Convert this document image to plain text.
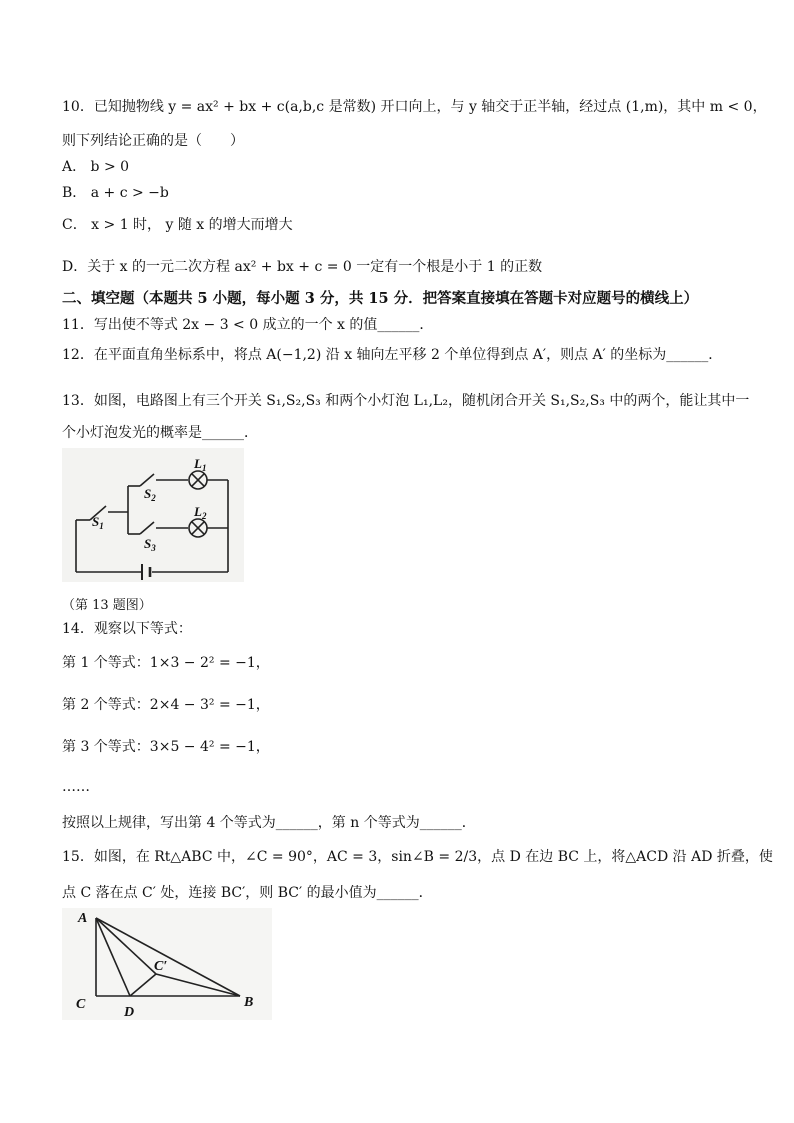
10．已知抛物线 y = ax² + bx + c(a,b,c 是常数) 开口向上，与 y 轴交于正半轴，经过点 (1,m)，其中 m < 0，
则下列结论正确的是（　　）
A． b > 0
B． a + c > −b
C． x > 1 时， y 随 x 的增大而增大
D．关于 x 的一元二次方程 ax² + bx + c = 0 一定有一个根是小于 1 的正数
二、填空题（本题共 5 小题，每小题 3 分，共 15 分．把答案直接填在答题卡对应题号的横线上）
11．写出使不等式 2x − 3 < 0 成立的一个 x 的值______．
12．在平面直角坐标系中，将点 A(−1,2) 沿 x 轴向左平移 2 个单位得到点 A′，则点 A′ 的坐标为______．
13．如图，电路图上有三个开关 S₁,S₂,S₃ 和两个小灯泡 L₁,L₂，随机闭合开关 S₁,S₂,S₃ 中的两个，能让其中一
个小灯泡发光的概率是______．
$L_1$
$L_2$
$S_2$
$S_1$
$S_3$
（第 13 题图）
14．观察以下等式：
第 1 个等式：1×3 − 2² = −1，
第 2 个等式：2×4 − 3² = −1，
第 3 个等式：3×5 − 4² = −1，
……
按照以上规律，写出第 4 个等式为______，第 n 个等式为______．
15．如图，在 Rt△ABC 中，∠C = 90°，AC = 3，sin∠B = 2/3，点 D 在边 BC 上，将△ACD 沿 AD 折叠，使
点 C 落在点 C′ 处，连接 BC′，则 BC′ 的最小值为______．
A
C
D
B
C′
